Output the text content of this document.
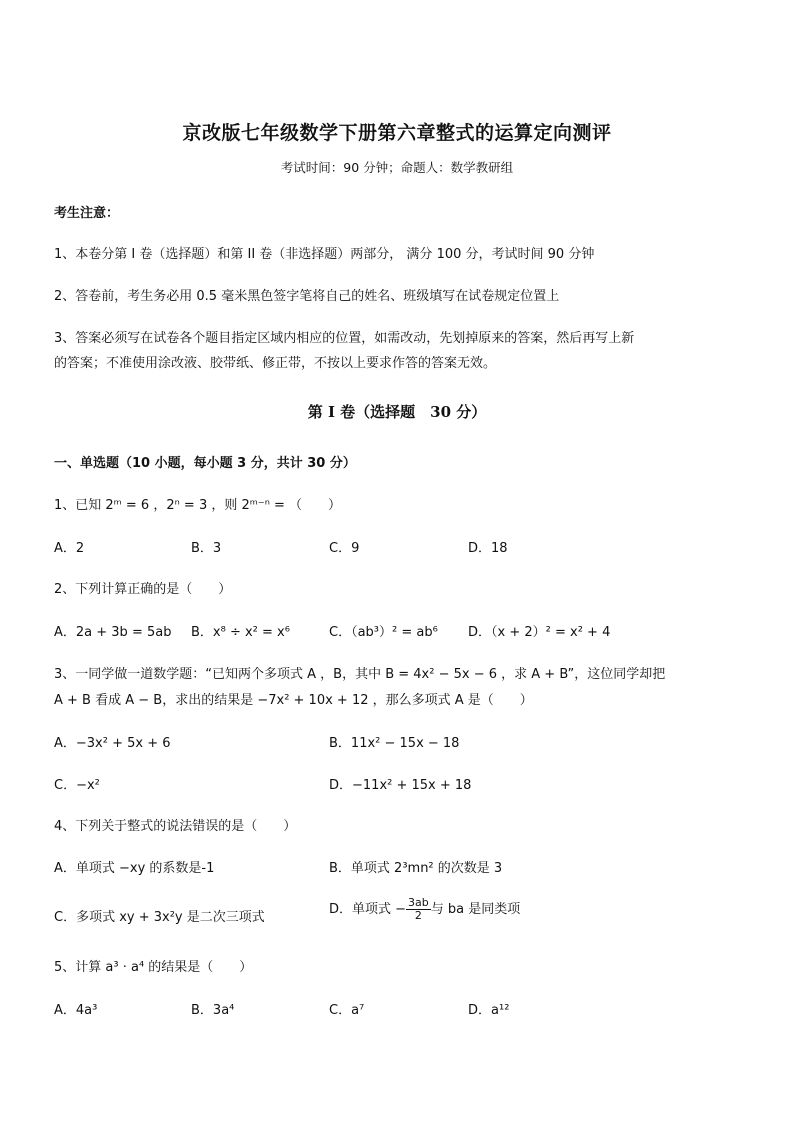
京改版七年级数学下册第六章整式的运算定向测评
考试时间：90 分钟；命题人：数学教研组
考生注意：
1、本卷分第 I 卷（选择题）和第 II 卷（非选择题）两部分， 满分 100 分，考试时间 90 分钟
2、答卷前，考生务必用 0.5 毫米黑色签字笔将自己的姓名、班级填写在试卷规定位置上
3、答案必须写在试卷各个题目指定区域内相应的位置，如需改动，先划掉原来的答案，然后再写上新
的答案；不准使用涂改液、胶带纸、修正带，不按以上要求作答的答案无效。
第 I 卷（选择题　30 分）
一、单选题（10 小题，每小题 3 分，共计 30 分）
1、已知 2ᵐ = 6 ，2ⁿ = 3 ，则 2ᵐ⁻ⁿ = （　　）
A．2	B．3	C．9	D．18
2、下列计算正确的是（　　）
A．2a + 3b = 5ab B．x⁸ ÷ x² = x⁶	C．（ab³）² = ab⁶ D．（x + 2）² = x² + 4
3、一同学做一道数学题：“已知两个多项式 A ，B，其中 B = 4x² − 5x − 6 ，求 A + B”，这位同学却把
A + B 看成 A − B，求出的结果是 −7x² + 10x + 12 ，那么多项式 A 是（　　）
A．−3x² + 5x + 6	B．11x² − 15x − 18
C．−x²	D．−11x² + 15x + 18
4、下列关于整式的说法错误的是（　　）
A．单项式 −xy 的系数是-1	B．单项式 2³mn² 的次数是 3
C．多项式 xy + 3x²y 是二次三项式
D．单项式 − $\frac{3ab}{2}$ 与 ba 是同类项
5、计算 a³ · a⁴ 的结果是（　　）
A．4a³	B．3a⁴	C．a⁷	D．a¹²
